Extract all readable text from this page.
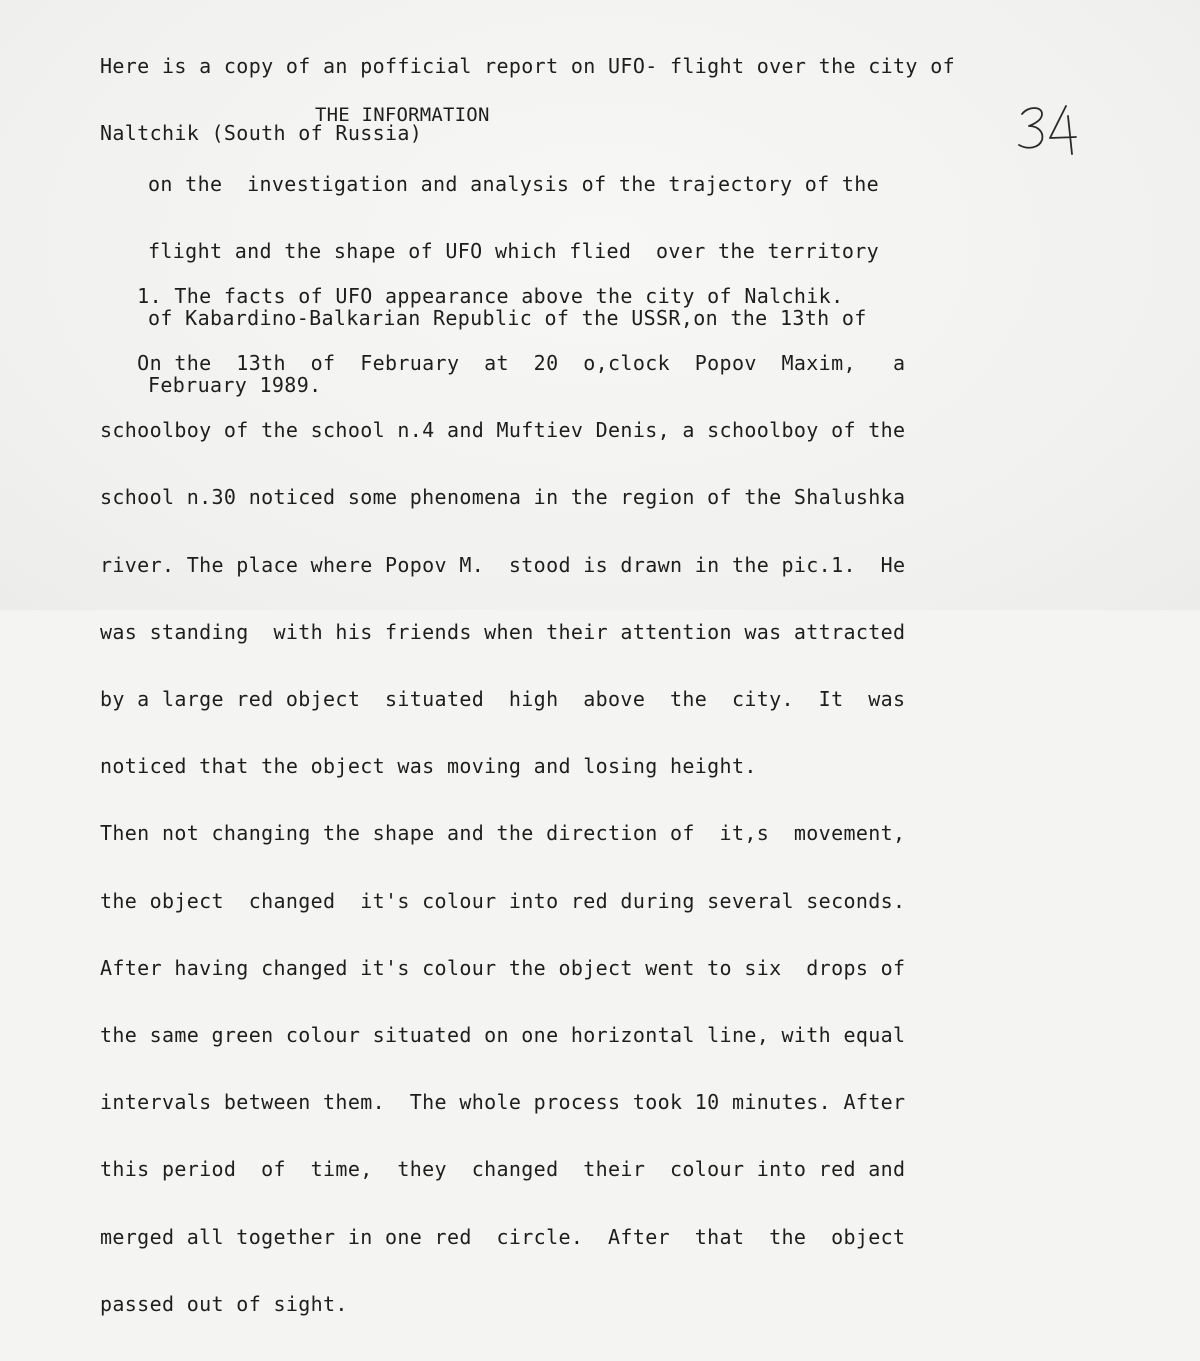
Here is a copy of an pofficial report on UFO- flight over the city of

Naltchik (South of Russia)

THE INFORMATION

on the  investigation and analysis of the trajectory of the

flight and the shape of UFO which flied  over the territory

of Kabardino-Balkarian Republic of the USSR,on the 13th of

February 1989.

1. The facts of UFO appearance above the city of Nalchik.

On the  13th  of  February  at  20  o,clock  Popov  Maxim,   a

schoolboy of the school n.4 and Muftiev Denis, a schoolboy of the

school n.30 noticed some phenomena in the region of the Shalushka

river. The place where Popov M.  stood is drawn in the pic.1.  He

was standing  with his friends when their attention was attracted

by a large red object  situated  high  above  the  city.  It  was

noticed that the object was moving and losing height.

Then not changing the shape and the direction of  it,s  movement,

the object  changed  it's colour into red during several seconds.

After having changed it's colour the object went to six  drops of

the same green colour situated on one horizontal line, with equal

intervals between them.  The whole process took 10 minutes. After

this period  of  time,  they  changed  their  colour into red and

merged all together in one red  circle.  After  that  the  object

passed out of sight.
